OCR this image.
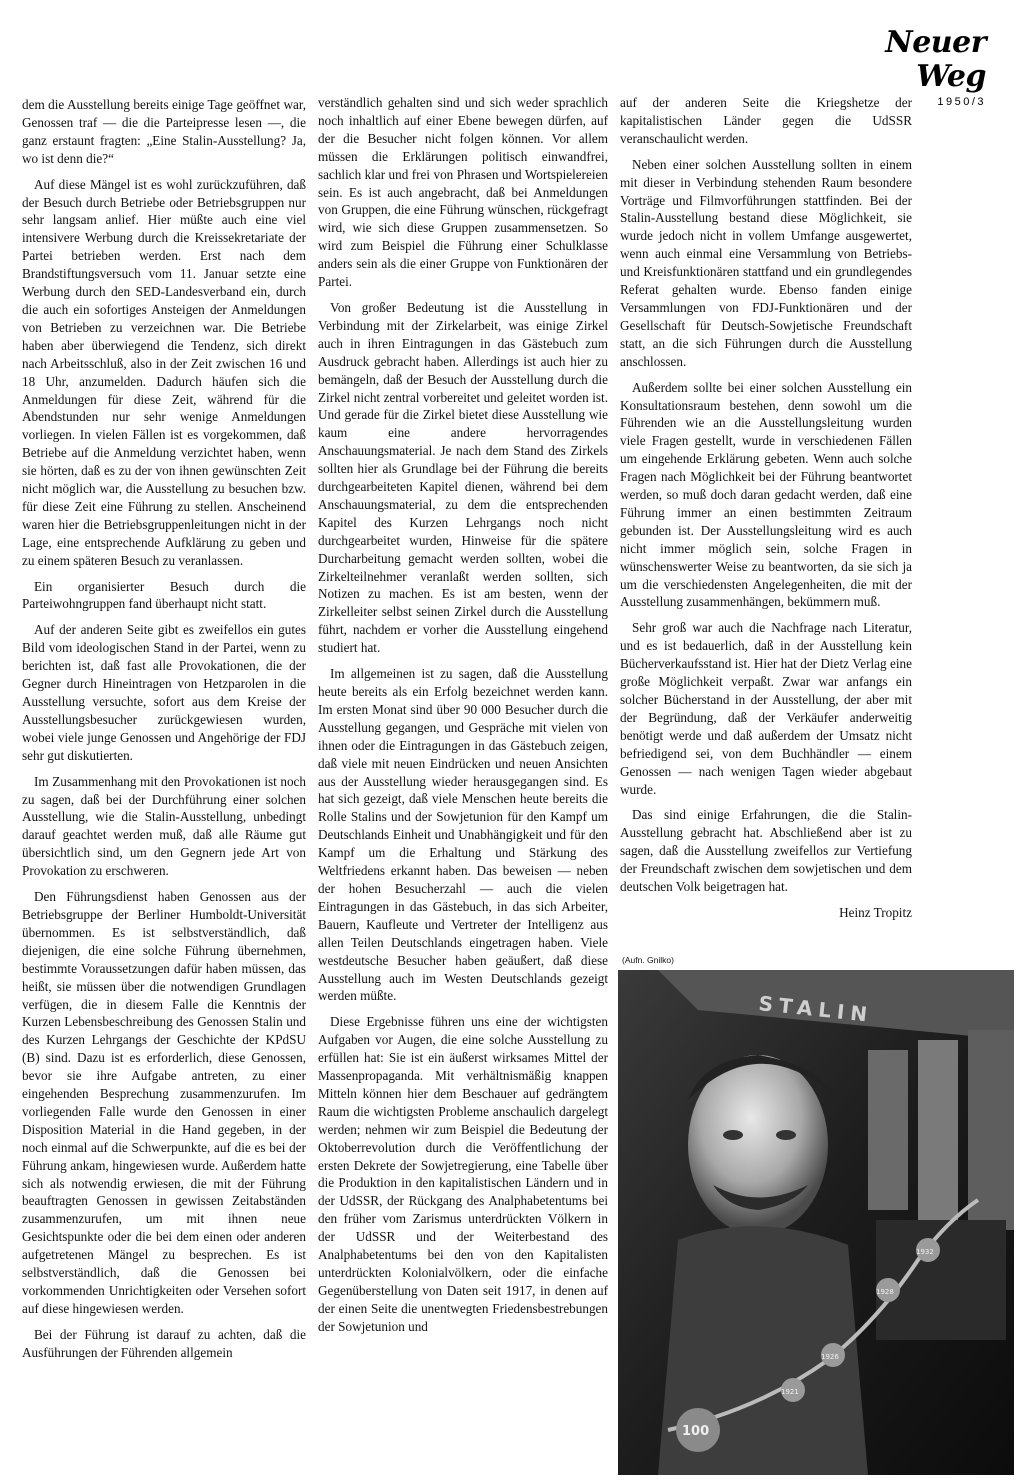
Neuer Weg
1950/3

dem die Ausstellung bereits einige Tage geöffnet war, Genossen traf — die die Parteipresse lesen —, die ganz erstaunt fragten: „Eine Stalin-Ausstellung? Ja, wo ist denn die?“

Auf diese Mängel ist es wohl zurückzuführen, daß der Besuch durch Betriebe oder Betriebsgruppen nur sehr langsam anlief. Hier müßte auch eine viel intensivere Werbung durch die Kreissekretariate der Partei betrieben werden. Erst nach dem Brandstiftungsversuch vom 11. Januar setzte eine Werbung durch den SED-Landesverband ein, durch die auch ein sofortiges Ansteigen der Anmeldungen von Betrieben zu verzeichnen war. Die Betriebe haben aber überwiegend die Tendenz, sich direkt nach Arbeitsschluß, also in der Zeit zwischen 16 und 18 Uhr, anzumelden. Dadurch häufen sich die Anmeldungen für diese Zeit, während für die Abendstunden nur sehr wenige Anmeldungen vorliegen. In vielen Fällen ist es vorgekommen, daß Betriebe auf die Anmeldung verzichtet haben, wenn sie hörten, daß es zu der von ihnen gewünschten Zeit nicht möglich war, die Ausstellung zu besuchen bzw. für diese Zeit eine Führung zu stellen. Anscheinend waren hier die Betriebsgruppenleitungen nicht in der Lage, eine entsprechende Aufklärung zu geben und zu einem späteren Besuch zu veranlassen.

Ein organisierter Besuch durch die Parteiwohngruppen fand überhaupt nicht statt.

Auf der anderen Seite gibt es zweifellos ein gutes Bild vom ideologischen Stand in der Partei, wenn zu berichten ist, daß fast alle Provokationen, die der Gegner durch Hineintragen von Hetzparolen in die Ausstellung versuchte, sofort aus dem Kreise der Ausstellungsbesucher zurückgewiesen wurden, wobei viele junge Genossen und Angehörige der FDJ sehr gut diskutierten.

Im Zusammenhang mit den Provokationen ist noch zu sagen, daß bei der Durchführung einer solchen Ausstellung, wie die Stalin-Ausstellung, unbedingt darauf geachtet werden muß, daß alle Räume gut übersichtlich sind, um den Gegnern jede Art von Provokation zu erschweren.

Den Führungsdienst haben Genossen aus der Betriebsgruppe der Berliner Humboldt-Universität übernommen. Es ist selbstverständlich, daß diejenigen, die eine solche Führung übernehmen, bestimmte Voraussetzungen dafür haben müssen, das heißt, sie müssen über die notwendigen Grundlagen verfügen, die in diesem Falle die Kenntnis der Kurzen Lebensbeschreibung des Genossen Stalin und des Kurzen Lehrgangs der Geschichte der KPdSU (B) sind. Dazu ist es erforderlich, diese Genossen, bevor sie ihre Aufgabe antreten, zu einer eingehenden Besprechung zusammenzurufen. Im vorliegenden Falle wurde den Genossen in einer Disposition Material in die Hand gegeben, in der noch einmal auf die Schwerpunkte, auf die es bei der Führung ankam, hingewiesen wurde. Außerdem hatte sich als notwendig erwiesen, die mit der Führung beauftragten Genossen in gewissen Zeitabständen zusammenzurufen, um mit ihnen neue Gesichtspunkte oder die bei dem einen oder anderen aufgetretenen Mängel zu besprechen. Es ist selbstverständlich, daß die Genossen bei vorkommenden Unrichtigkeiten oder Versehen sofort auf diese hingewiesen werden.

Bei der Führung ist darauf zu achten, daß die Ausführungen der Führenden allgemein

verständlich gehalten sind und sich weder sprachlich noch inhaltlich auf einer Ebene bewegen dürfen, auf der die Besucher nicht folgen können. Vor allem müssen die Erklärungen politisch einwandfrei, sachlich klar und frei von Phrasen und Wortspielereien sein. Es ist auch angebracht, daß bei Anmeldungen von Gruppen, die eine Führung wünschen, rückgefragt wird, wie sich diese Gruppen zusammensetzen. So wird zum Beispiel die Führung einer Schulklasse anders sein als die einer Gruppe von Funktionären der Partei.

Von großer Bedeutung ist die Ausstellung in Verbindung mit der Zirkelarbeit, was einige Zirkel auch in ihren Eintragungen in das Gästebuch zum Ausdruck gebracht haben. Allerdings ist auch hier zu bemängeln, daß der Besuch der Ausstellung durch die Zirkel nicht zentral vorbereitet und geleitet worden ist. Und gerade für die Zirkel bietet diese Ausstellung wie kaum eine andere hervorragendes Anschauungsmaterial. Je nach dem Stand des Zirkels sollten hier als Grundlage bei der Führung die bereits durchgearbeiteten Kapitel dienen, während bei dem Anschauungsmaterial, zu dem die entsprechenden Kapitel des Kurzen Lehrgangs noch nicht durchgearbeitet wurden, Hinweise für die spätere Durcharbeitung gemacht werden sollten, wobei die Zirkelteilnehmer veranlaßt werden sollten, sich Notizen zu machen. Es ist am besten, wenn der Zirkelleiter selbst seinen Zirkel durch die Ausstellung führt, nachdem er vorher die Ausstellung eingehend studiert hat.

Im allgemeinen ist zu sagen, daß die Ausstellung heute bereits als ein Erfolg bezeichnet werden kann. Im ersten Monat sind über 90 000 Besucher durch die Ausstellung gegangen, und Gespräche mit vielen von ihnen oder die Eintragungen in das Gästebuch zeigen, daß viele mit neuen Eindrücken und neuen Ansichten aus der Ausstellung wieder herausgegangen sind. Es hat sich gezeigt, daß viele Menschen heute bereits die Rolle Stalins und der Sowjetunion für den Kampf um Deutschlands Einheit und Unabhängigkeit und für den Kampf um die Erhaltung und Stärkung des Weltfriedens erkannt haben. Das beweisen — neben der hohen Besucherzahl — auch die vielen Eintragungen in das Gästebuch, in das sich Arbeiter, Bauern, Kaufleute und Vertreter der Intelligenz aus allen Teilen Deutschlands eingetragen haben. Viele westdeutsche Besucher haben geäußert, daß diese Ausstellung auch im Westen Deutschlands gezeigt werden müßte.

Diese Ergebnisse führen uns eine der wichtigsten Aufgaben vor Augen, die eine solche Ausstellung zu erfüllen hat: Sie ist ein äußerst wirksames Mittel der Massenpropaganda. Mit verhältnismäßig knappen Mitteln können hier dem Beschauer auf gedrängtem Raum die wichtigsten Probleme anschaulich dargelegt werden; nehmen wir zum Beispiel die Bedeutung der Oktoberrevolution durch die Veröffentlichung der ersten Dekrete der Sowjetregierung, eine Tabelle über die Produktion in den kapitalistischen Ländern und in der UdSSR, der Rückgang des Analphabetentums bei den früher vom Zarismus unterdrückten Völkern in der UdSSR und der Weiterbestand des Analphabetentums bei den von den Kapitalisten unterdrückten Kolonialvölkern, oder die einfache Gegenüberstellung von Daten seit 1917, in denen auf der einen Seite die unentwegten Friedensbestrebungen der Sowjetunion und

auf der anderen Seite die Kriegshetze der kapitalistischen Länder gegen die UdSSR veranschaulicht werden.

Neben einer solchen Ausstellung sollten in einem mit dieser in Verbindung stehenden Raum besondere Vorträge und Filmvorführungen stattfinden. Bei der Stalin-Ausstellung bestand diese Möglichkeit, sie wurde jedoch nicht in vollem Umfange ausgewertet, wenn auch einmal eine Versammlung von Betriebs- und Kreisfunktionären stattfand und ein grundlegendes Referat gehalten wurde. Ebenso fanden einige Versammlungen von FDJ-Funktionären und der Gesellschaft für Deutsch-Sowjetische Freundschaft statt, an die sich Führungen durch die Ausstellung anschlossen.

Außerdem sollte bei einer solchen Ausstellung ein Konsultationsraum bestehen, denn sowohl um die Führenden wie an die Ausstellungsleitung wurden viele Fragen gestellt, wurde in verschiedenen Fällen um eingehende Erklärung gebeten. Wenn auch solche Fragen nach Möglichkeit bei der Führung beantwortet werden, so muß doch daran gedacht werden, daß eine Führung immer an einen bestimmten Zeitraum gebunden ist. Der Ausstellungsleitung wird es auch nicht immer möglich sein, solche Fragen in wünschenswerter Weise zu beantworten, da sie sich ja um die verschiedensten Angelegenheiten, die mit der Ausstellung zusammenhängen, bekümmern muß.

Sehr groß war auch die Nachfrage nach Literatur, und es ist bedauerlich, daß in der Ausstellung kein Bücherverkaufsstand ist. Hier hat der Dietz Verlag eine große Möglichkeit verpaßt. Zwar war anfangs ein solcher Bücherstand in der Ausstellung, der aber mit der Begründung, daß der Verkäufer anderweitig benötigt werde und daß außerdem der Umsatz nicht befriedigend sei, von dem Buchhändler — einem Genossen — nach wenigen Tagen wieder abgebaut wurde.

Das sind einige Erfahrungen, die die Stalin-Ausstellung gebracht hat. Abschließend aber ist zu sagen, daß die Ausstellung zweifellos zur Vertiefung der Freundschaft zwischen dem sowjetischen und dem deutschen Volk beigetragen hat.

Heinz Tropitz
(Aufn. Gnilko)
STALIN
100
1921
1926
1928
1932
